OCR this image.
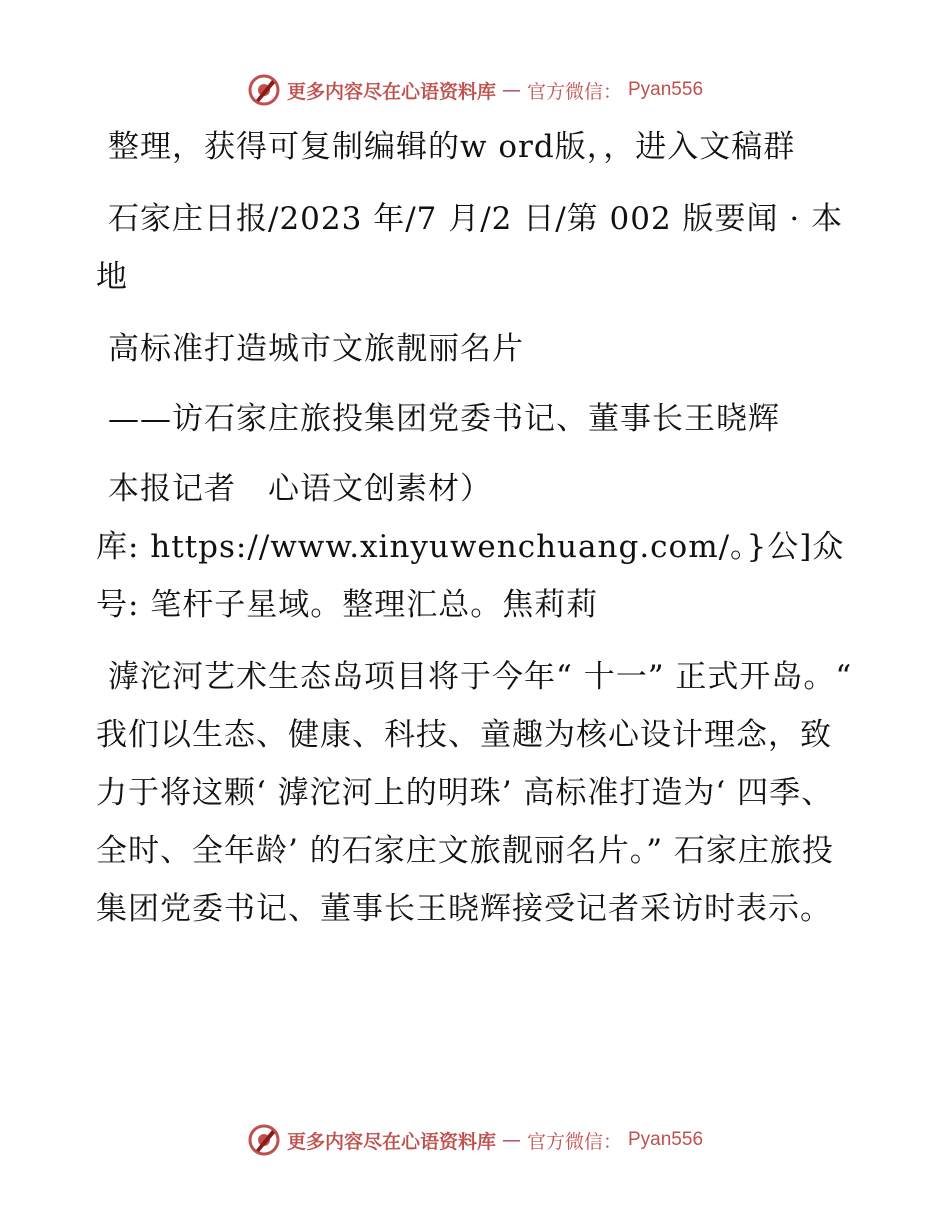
更多内容尽在心语资料库 — 官方微信： Pyan556

整理，获得可复制编辑的w ord版，，进入文稿群

石家庄日报/2023 年/7 月/2 日/第 002 版要闻 · 本地

高标准打造城市文旅靓丽名片

——访石家庄旅投集团党委书记、董事长王晓辉

本报记者　心语文创素材）

库: https://www.xinyuwenchuang.com/。}公]众号: 笔杆子星域。整理汇总。焦莉莉

滹沱河艺术生态岛项目将于今年“ 十一” 正式开岛。“ 我们以生态、健康、科技、童趣为核心设计理念，致力于将这颗‘ 滹沱河上的明珠’ 高标准打造为‘ 四季、全时、全年龄’ 的石家庄文旅靓丽名片。” 石家庄旅投集团党委书记、董事长王晓辉接受记者采访时表示。

更多内容尽在心语资料库 — 官方微信： Pyan556
